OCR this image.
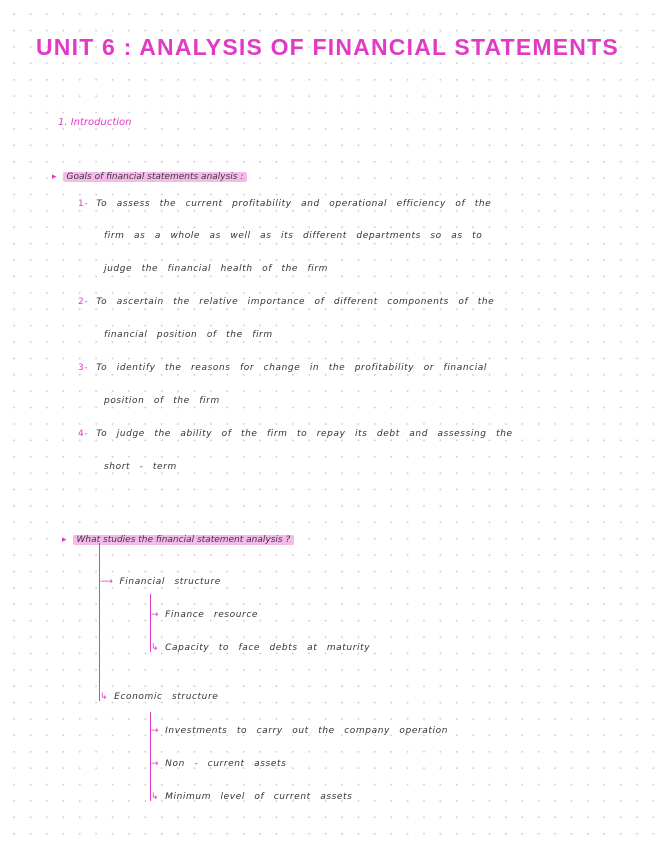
UNIT 6 : ANALYSIS OF FINANCIAL STATEMENTS
1. Introduction
▸ Goals of financial statements analysis :
1- To assess the current profitability and operational efficiency of the
firm as a whole as well as its different departments so as to
judge the financial health of the firm
2- To ascertain the relative importance of different components of the
financial position of the firm
3- To identify the reasons for change in the profitability or financial
position of the firm
4- To judge the ability of the firm to repay its debt and assessing the
short - term
▸ What studies the financial statement analysis ?
⟶ Financial structure
→ Finance resource
↳ Capacity to face debts at maturity
↳ Economic structure
→ Investments to carry out the company operation
→ Non - current assets
↳ Minimum level of current assets
